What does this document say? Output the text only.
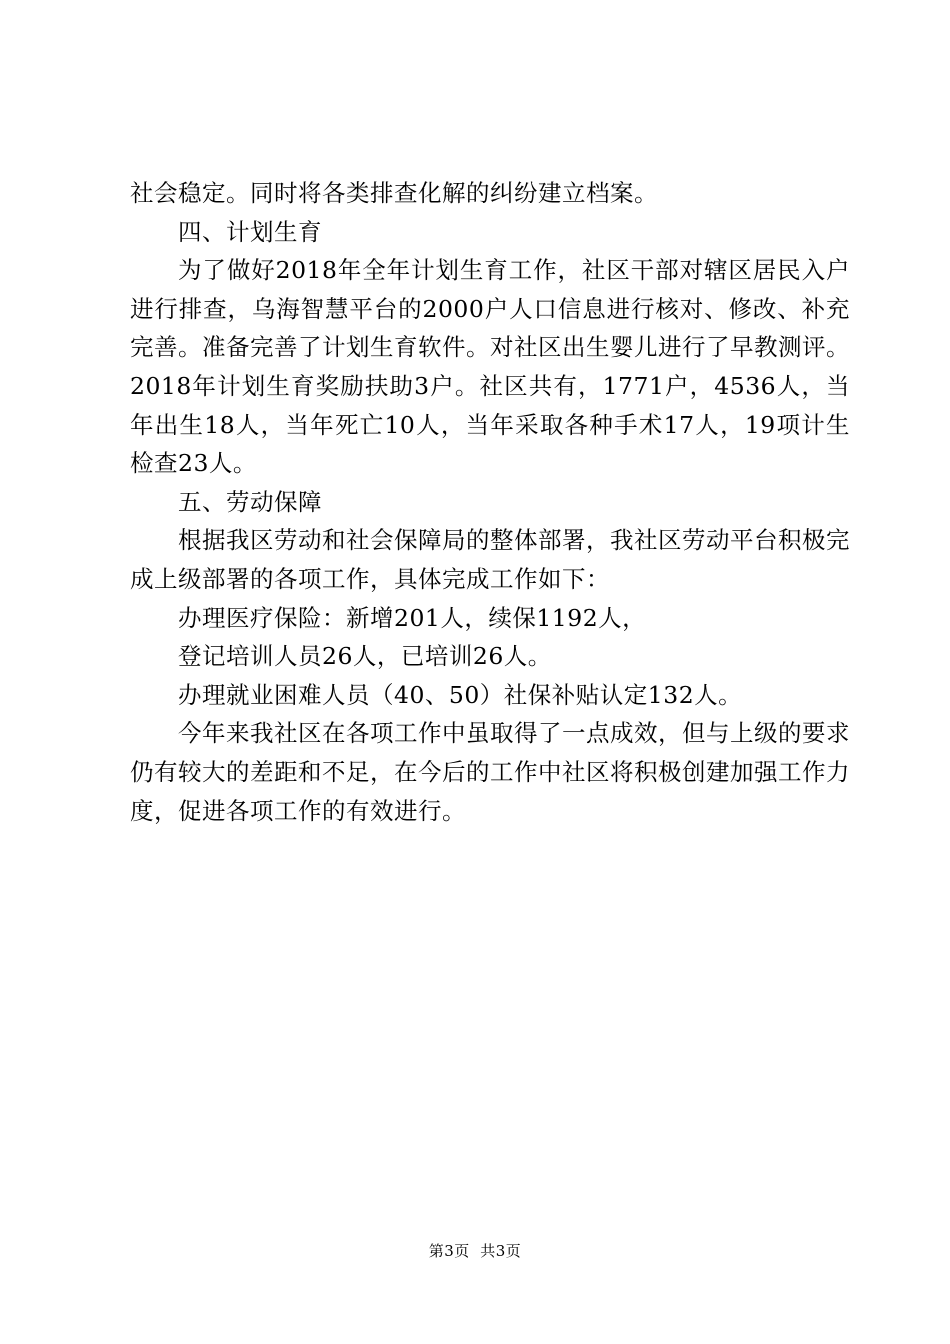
社会稳定。同时将各类排查化解的纠纷建立档案。

四、计划生育

为了做好2018年全年计划生育工作，社区干部对辖区居民入户进行排查，乌海智慧平台的2000户人口信息进行核对、修改、补充完善。准备完善了计划生育软件。对社区出生婴儿进行了早教测评。2018年计划生育奖励扶助3户。社区共有，1771户，4536人，当年出生18人，当年死亡10人，当年采取各种手术17人，19项计生检查23人。

五、劳动保障

根据我区劳动和社会保障局的整体部署，我社区劳动平台积极完成上级部署的各项工作，具体完成工作如下：

办理医疗保险：新增201人，续保1192人，

登记培训人员26人，已培训26人。

办理就业困难人员（40、50）社保补贴认定132人。

今年来我社区在各项工作中虽取得了一点成效，但与上级的要求仍有较大的差距和不足，在今后的工作中社区将积极创建加强工作力度，促进各项工作的有效进行。

第3页  共3页
